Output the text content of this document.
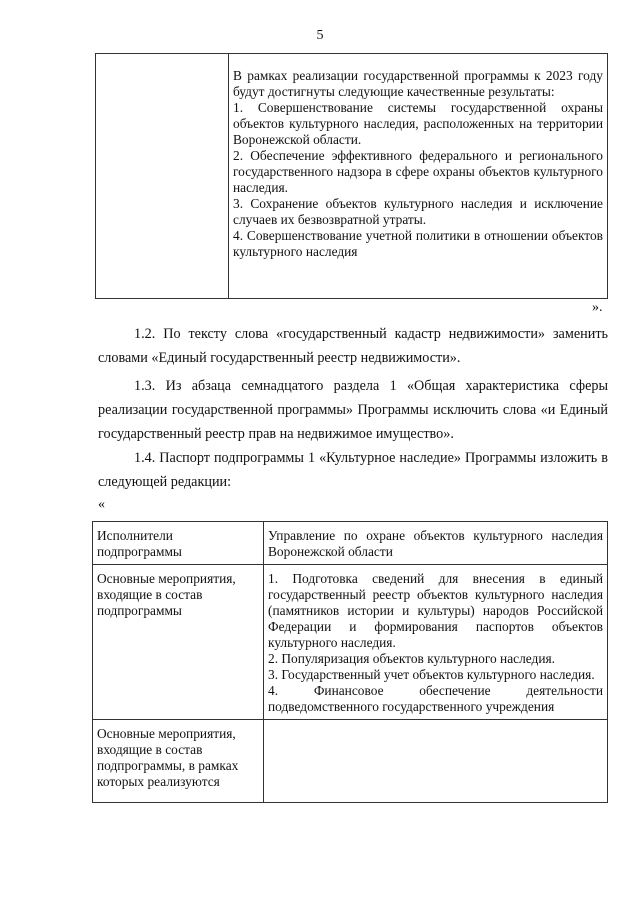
5

В рамках реализации государственной программы к 2023 году будут достигнуты следующие качественные результаты:
1. Совершенствование системы государственной охраны объектов культурного наследия, расположенных на территории Воронежской области.
2. Обеспечение эффективного федерального и регионального государственного надзора в сфере охраны объектов культурного наследия.
3. Сохранение объектов культурного наследия и исключение случаев их безвозвратной утраты.
4. Совершенствование учетной политики в отношении объектов культурного наследия
».
1.2. По тексту слова «государственный кадастр недвижимости» заменить словами «Единый государственный реестр недвижимости».
1.3. Из абзаца семнадцатого раздела 1 «Общая характеристика сферы реализации государственной программы» Программы исключить слова «и Единый государственный реестр прав на недвижимое имущество».
1.4. Паспорт подпрограммы 1 «Культурное наследие» Программы изложить в следующей редакции:
«
Исполнители подпрограммы	Управление по охране объектов культурного наследия Воронежской области
Основные мероприятия, входящие в состав подпрограммы	1. Подготовка сведений для внесения в единый государственный реестр объектов культурного наследия (памятников истории и культуры) народов Российской Федерации и формирования паспортов объектов культурного наследия.
2. Популяризация объектов культурного наследия.
3. Государственный учет объектов культурного наследия.
4. Финансовое обеспечение деятельности подведомственного государственного учреждения

Основные мероприятия, входящие в состав подпрограммы, в рамках которых реализуются	
